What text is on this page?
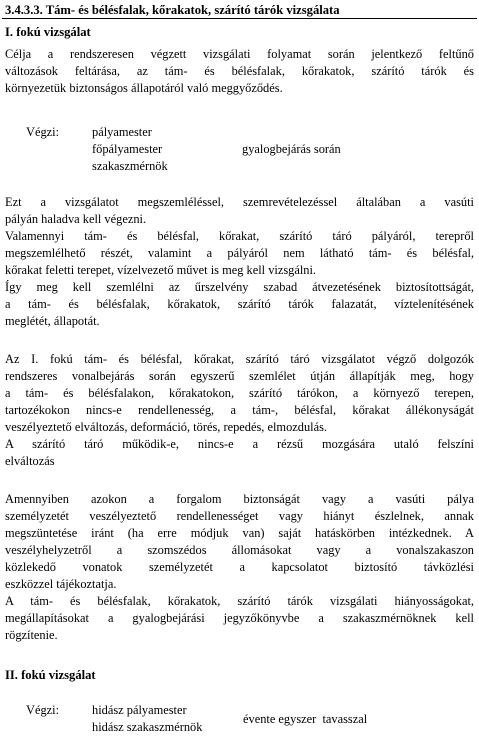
3.4.3.3. Tám- és bélésfalak, kőrakatok, szárító tárók vizsgálata
I. fokú vizsgálat
Célja a rendszeresen végzett vizsgálati folyamat során jelentkező feltűnő
változások feltárása, az tám- és bélésfalak, kőrakatok, szárító tárók és
környezetük biztonságos állapotáról való meggyőződés.
Végzi:	pályamester
főpályamester
szakaszmérnök
gyalogbejárás során
Ezt a vizsgálatot megszemléléssel, szemrevételezéssel általában a vasúti
pályán haladva kell végezni.
Valamennyi tám- és bélésfal, kőrakat, szárító táró pályáról, terepről
megszemlélhető részét, valamint a pályáról nem látható tám- és bélésfal,
kőrakat feletti terepet, vízelvezető művet is meg kell vizsgálni.
Így meg kell szemlélni az űrszelvény szabad átvezetésének biztosítottságát,
a tám- és bélésfalak, kőrakatok, szárító tárók falazatát, víztelenítésének
meglétét, állapotát.
Az I. fokú tám- és bélésfal, kőrakat, szárító táró vizsgálatot végző dolgozók
rendszeres vonalbejárás során egyszerű szemlélet útján állapítják meg, hogy
a tám- és bélésfalakon, kőrakatokon, szárító tárókon, a környező terepen,
tartozékokon nincs-e rendellenesség, a tám-, bélésfal, kőrakat állékonyságát
veszélyeztető elváltozás, deformáció, törés, repedés, elmozdulás.
A szárító táró működik-e, nincs-e a rézsű mozgására utaló felszíni
elváltozás
Amennyiben azokon a forgalom biztonságát vagy a vasúti pálya
személyzetét veszélyeztető rendellenességet vagy hiányt észlelnek, annak
megszüntetése iránt (ha erre módjuk van) saját hatáskörben intézkednek. A
veszélyhelyzetről a szomszédos állomásokat vagy a vonalszakaszon
közlekedő vonatok személyzetét a kapcsolatot biztosító távközlési
eszközzel tájékoztatja.
A tám- és bélésfalak, kőrakatok, szárító tárók vizsgálati hiányosságokat,
megállapításokat a gyalogbejárási jegyzőkönyvbe a szakaszmérnöknek kell
rögzítenie.
II. fokú vizsgálat
Végzi:	hidász pályamester
hidász szakaszmérnök
évente egyszer  tavasszal
